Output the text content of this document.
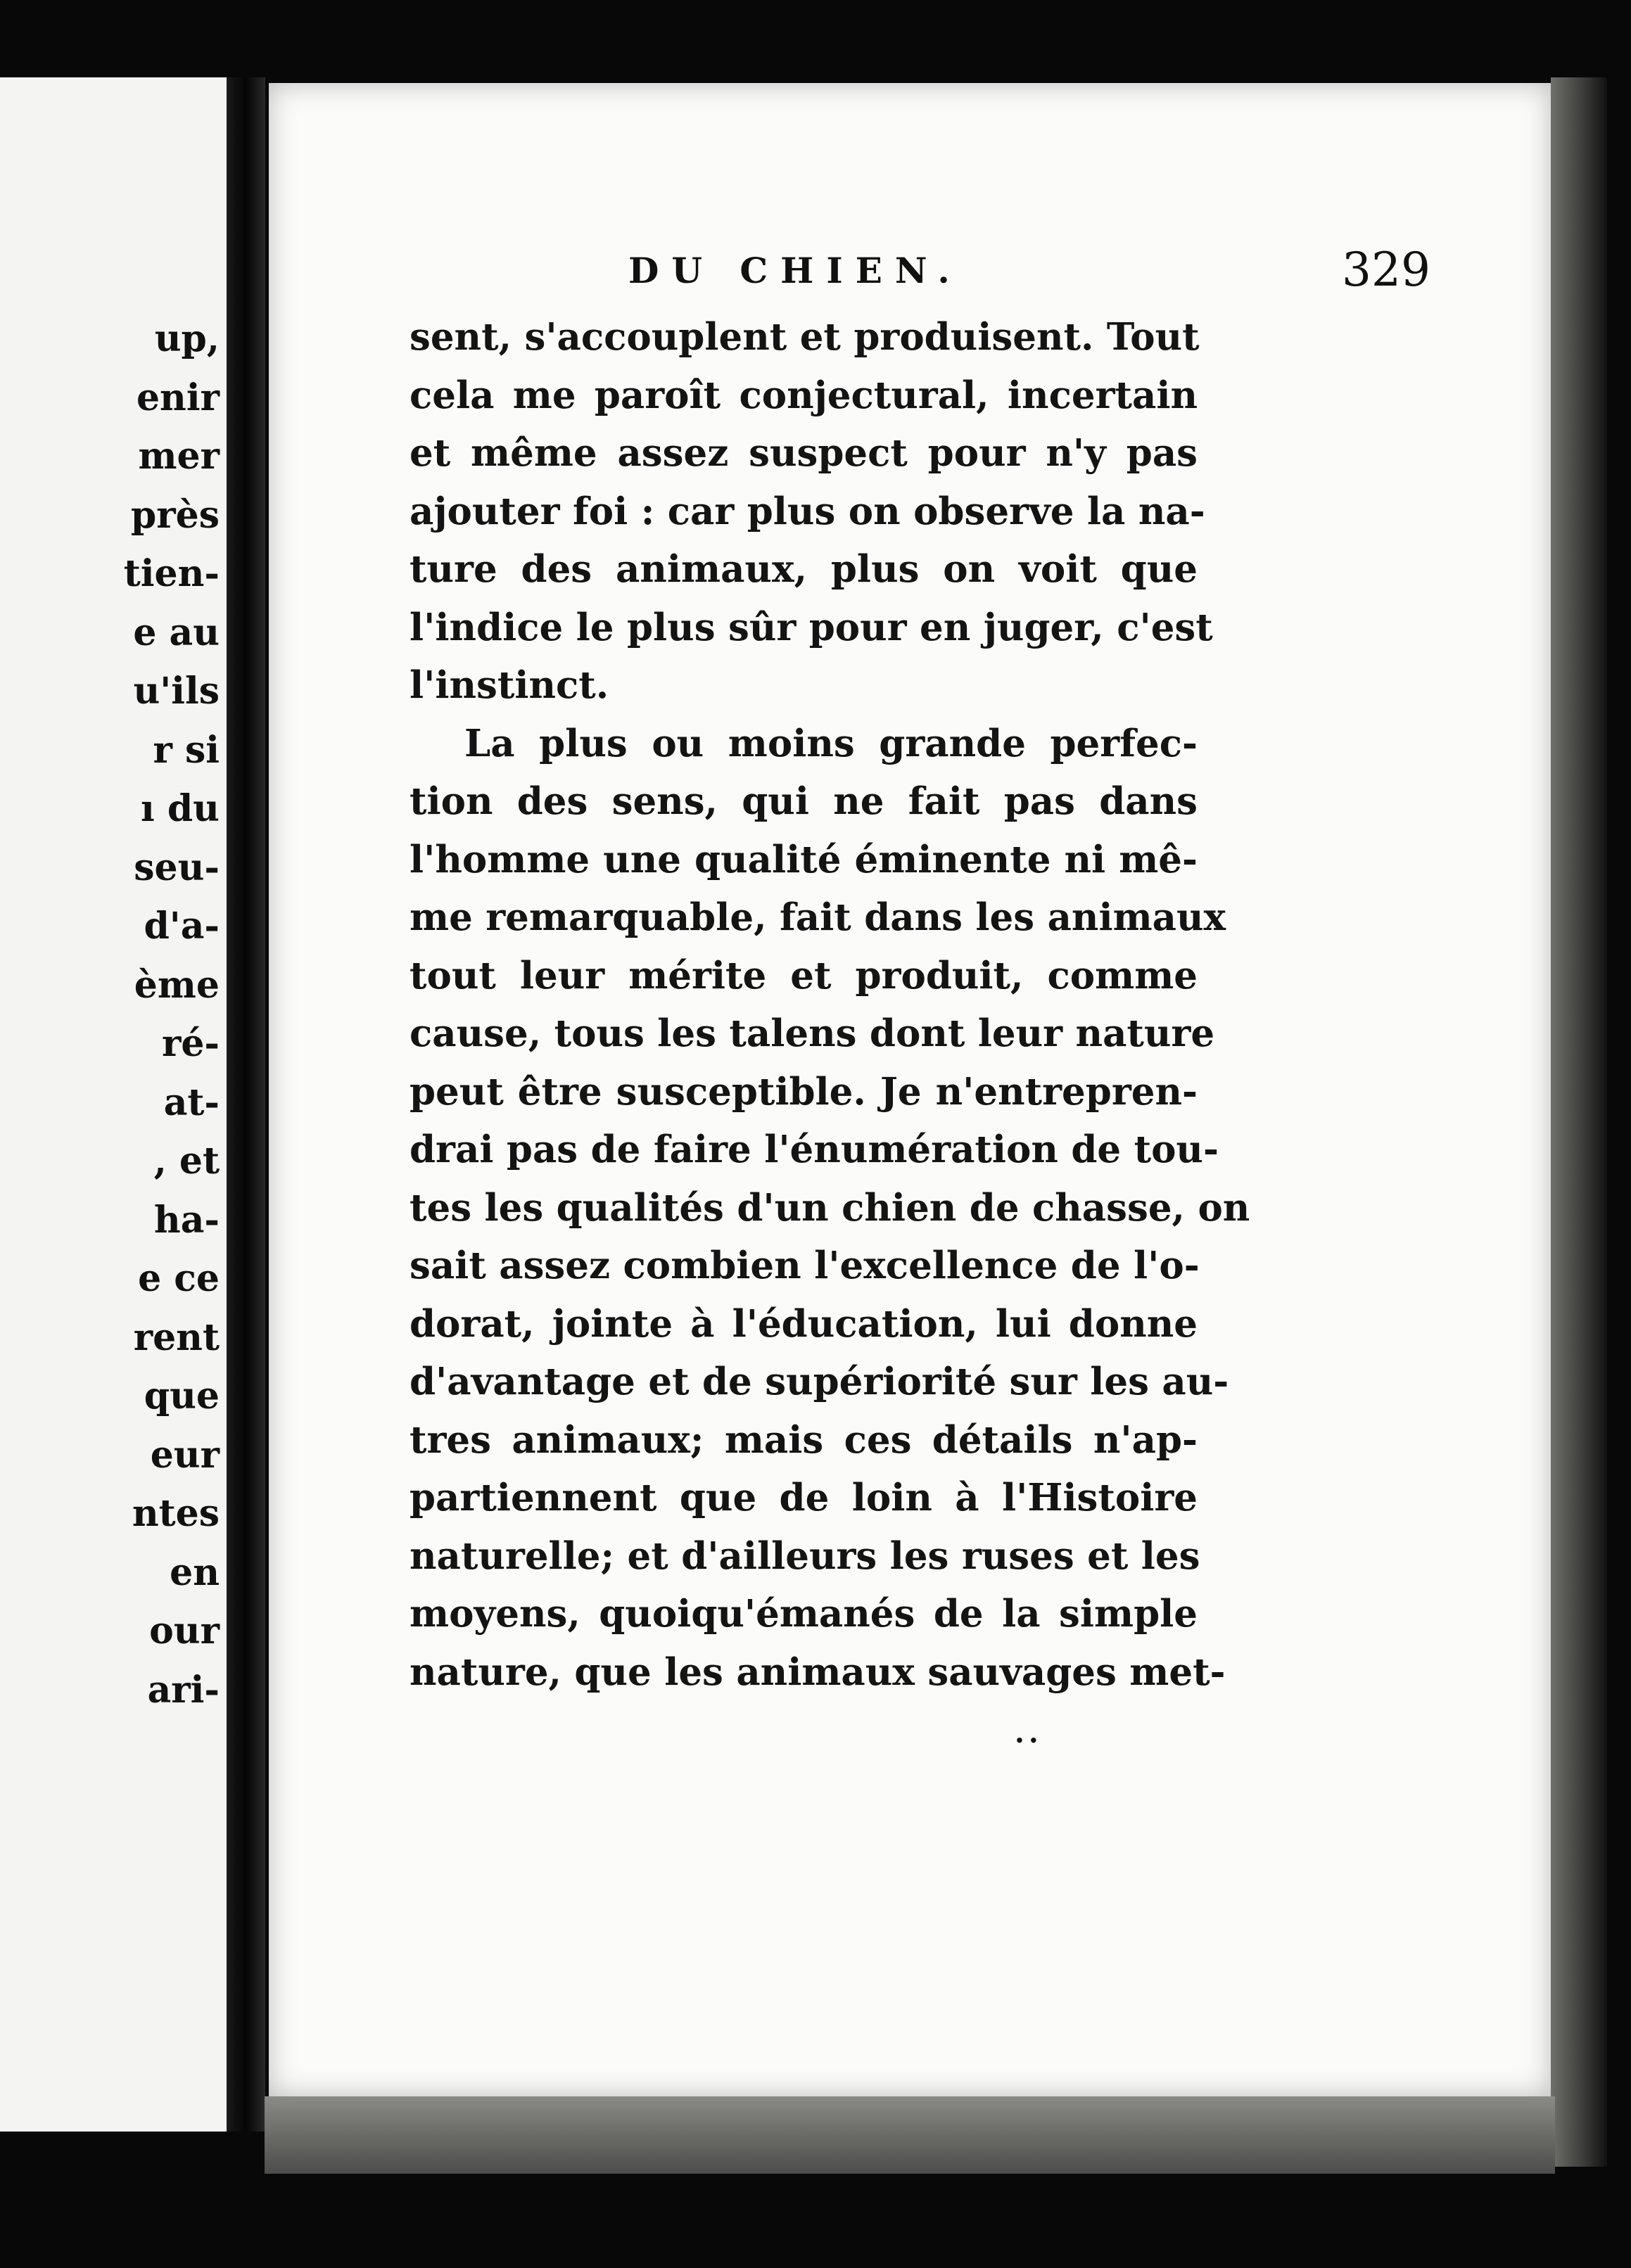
up,
enir
mer
près
tien-
e au
u'ils
r si
ı du
seu-
d'a-
ème
ré-
at-
, et
ha-
e ce
rent
que
eur
ntes
en
our
ari-
DU CHIEN.	329
sent, s'accouplent et produisent. Tout
cela me paroît conjectural, incertain
et même assez suspect pour n'y pas
ajouter foi : car plus on observe la na-
ture des animaux, plus on voit que
l'indice le plus sûr pour en juger, c'est
l'instinct.
La plus ou moins grande perfec-
tion des sens, qui ne fait pas dans
l'homme une qualité éminente ni mê-
me remarquable, fait dans les animaux
tout leur mérite et produit, comme
cause, tous les talens dont leur nature
peut être susceptible. Je n'entrepren-
drai pas de faire l'énumération de tou-
tes les qualités d'un chien de chasse, on
sait assez combien l'excellence de l'o-
dorat, jointe à l'éducation, lui donne
d'avantage et de supériorité sur les au-
tres animaux; mais ces détails n'ap-
partiennent que de loin à l'Histoire
naturelle; et d'ailleurs les ruses et les
moyens, quoiqu'émanés de la simple
nature, que les animaux sauvages met-
..
